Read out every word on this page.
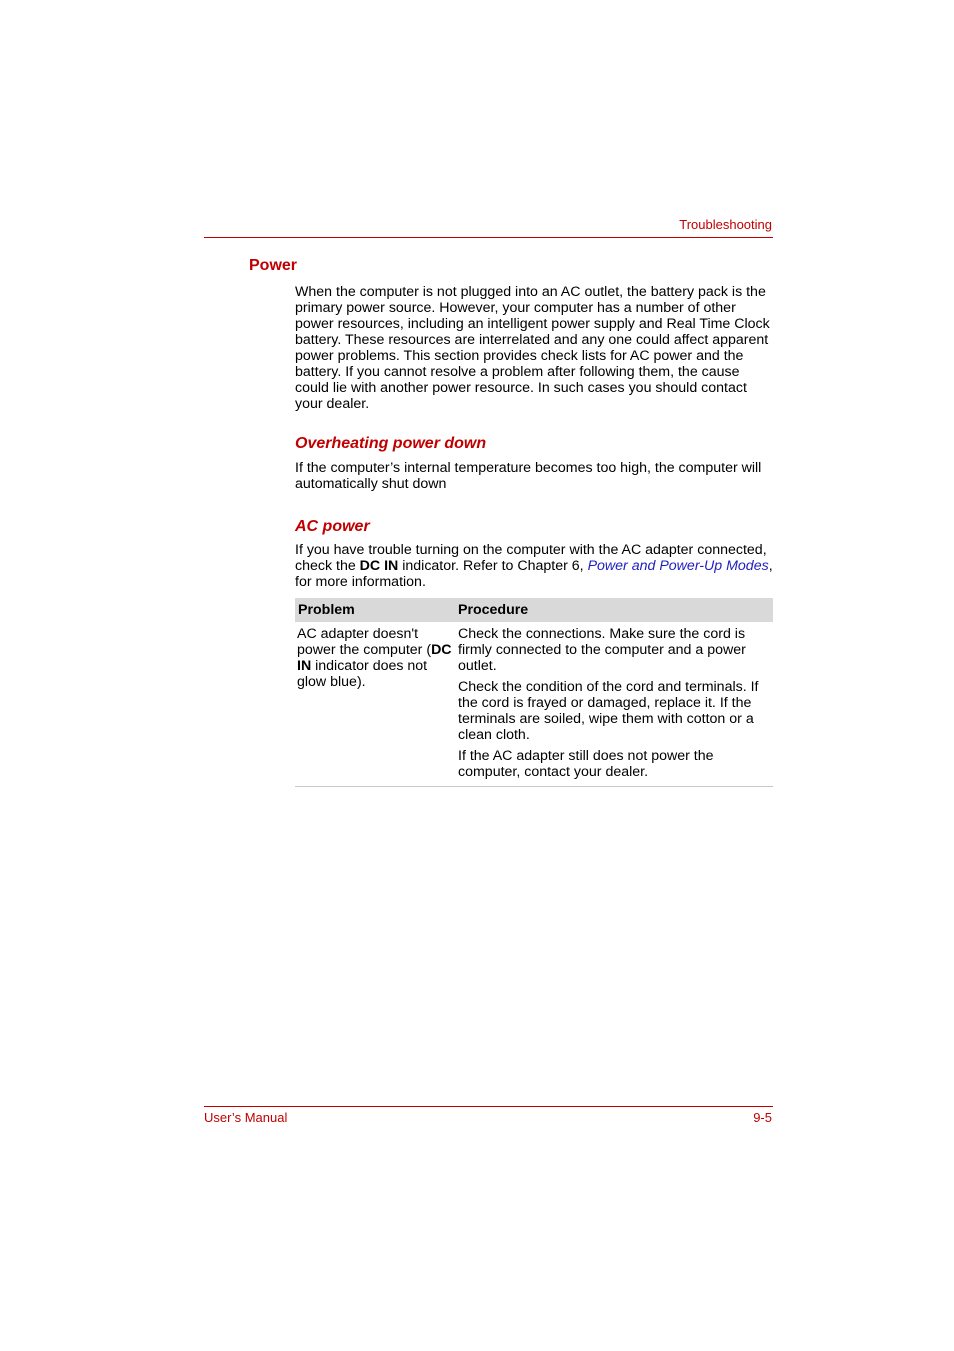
Troubleshooting
Power

When the computer is not plugged into an AC outlet, the battery pack is the primary power source. However, your computer has a number of other power resources, including an intelligent power supply and Real Time Clock battery. These resources are interrelated and any one could affect apparent power problems. This section provides check lists for AC power and the battery. If you cannot resolve a problem after following them, the cause could lie with another power resource. In such cases you should contact your dealer.

Overheating power down

If the computer’s internal temperature becomes too high, the computer will automatically shut down

AC power

If you have trouble turning on the computer with the AC adapter connected, check the DC IN indicator. Refer to Chapter 6, Power and Power-Up Modes, for more information.

Problem	Procedure
AC adapter doesn't power the computer (DC IN indicator does not glow blue).	Check the connections. Make sure the cord is firmly connected to the computer and a power outlet.

Check the condition of the cord and terminals. If the cord is frayed or damaged, replace it. If the terminals are soiled, wipe them with cotton or a clean cloth.

If the AC adapter still does not power the computer, contact your dealer.

User’s Manual	9-5
